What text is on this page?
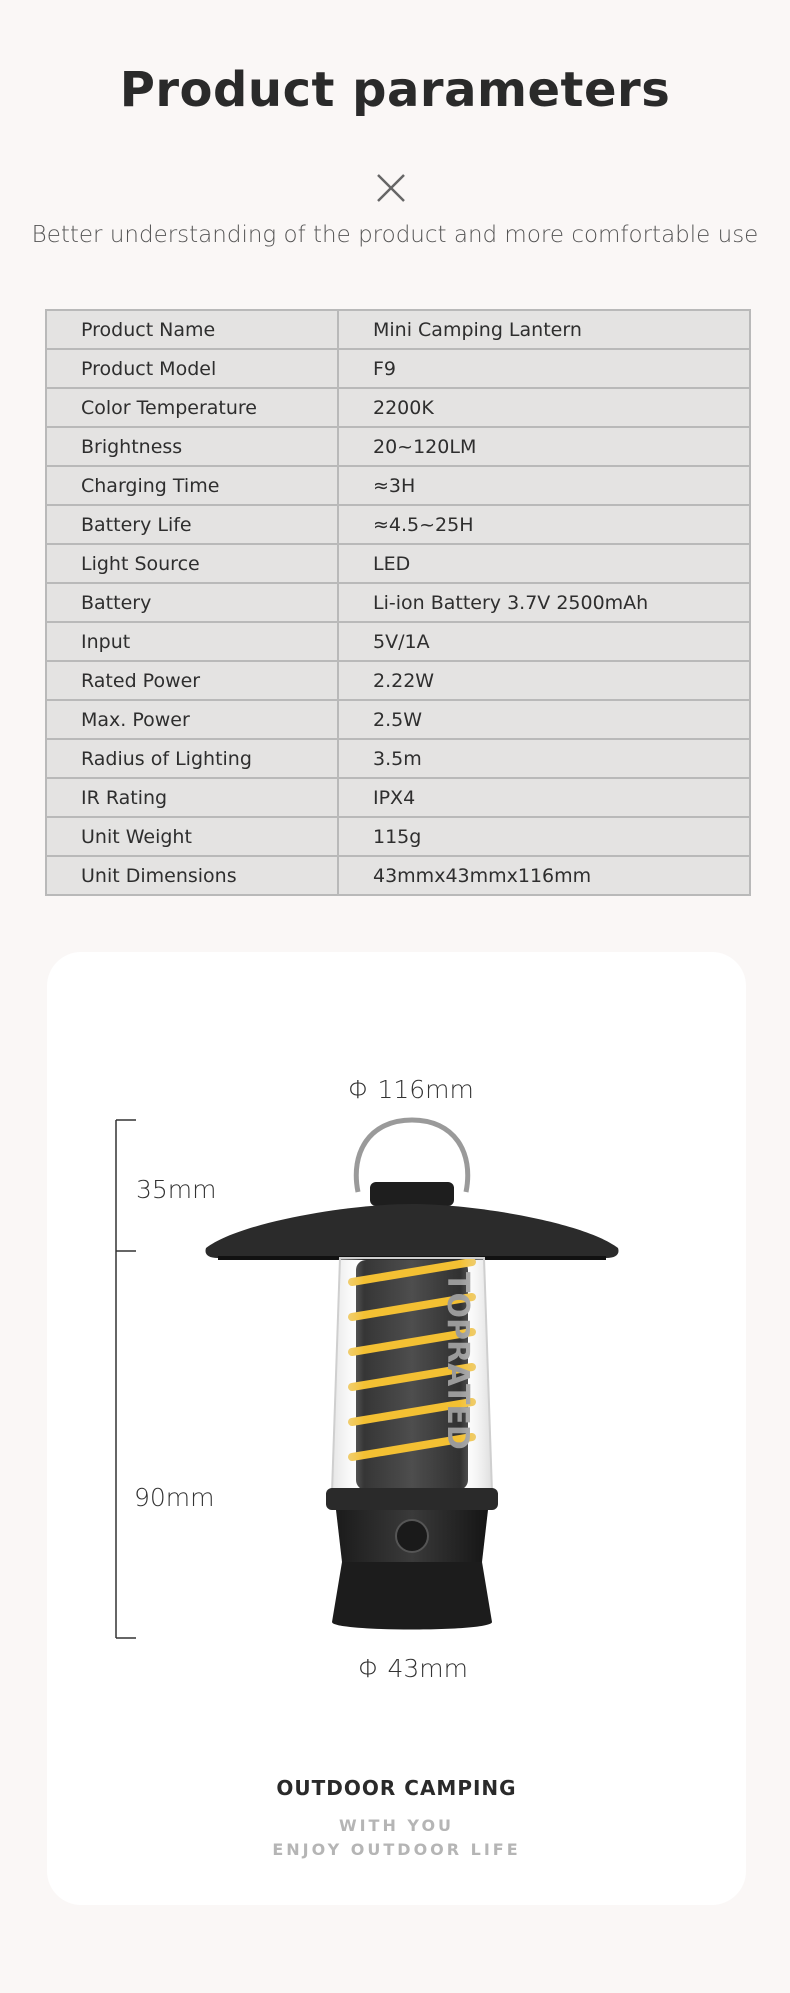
Product parameters
Better understanding of the product and more comfortable use
Product Name	Mini Camping Lantern
Product Model	F9
Color Temperature	2200K
Brightness	20~120LM
Charging Time	≈3H
Battery Life	≈4.5~25H
Light Source	LED
Battery	Li-ion Battery 3.7V 2500mAh
Input	5V/1A
Rated Power	2.22W
Max. Power	2.5W
Radius of Lighting	3.5m
IR Rating	IPX4
Unit Weight	115g
Unit Dimensions	43mmx43mmx116mm
Φ 116mm
35mm
90mm
Φ 43mm
OUTDOOR CAMPING
WITH YOU
ENJOY OUTDOOR LIFE
